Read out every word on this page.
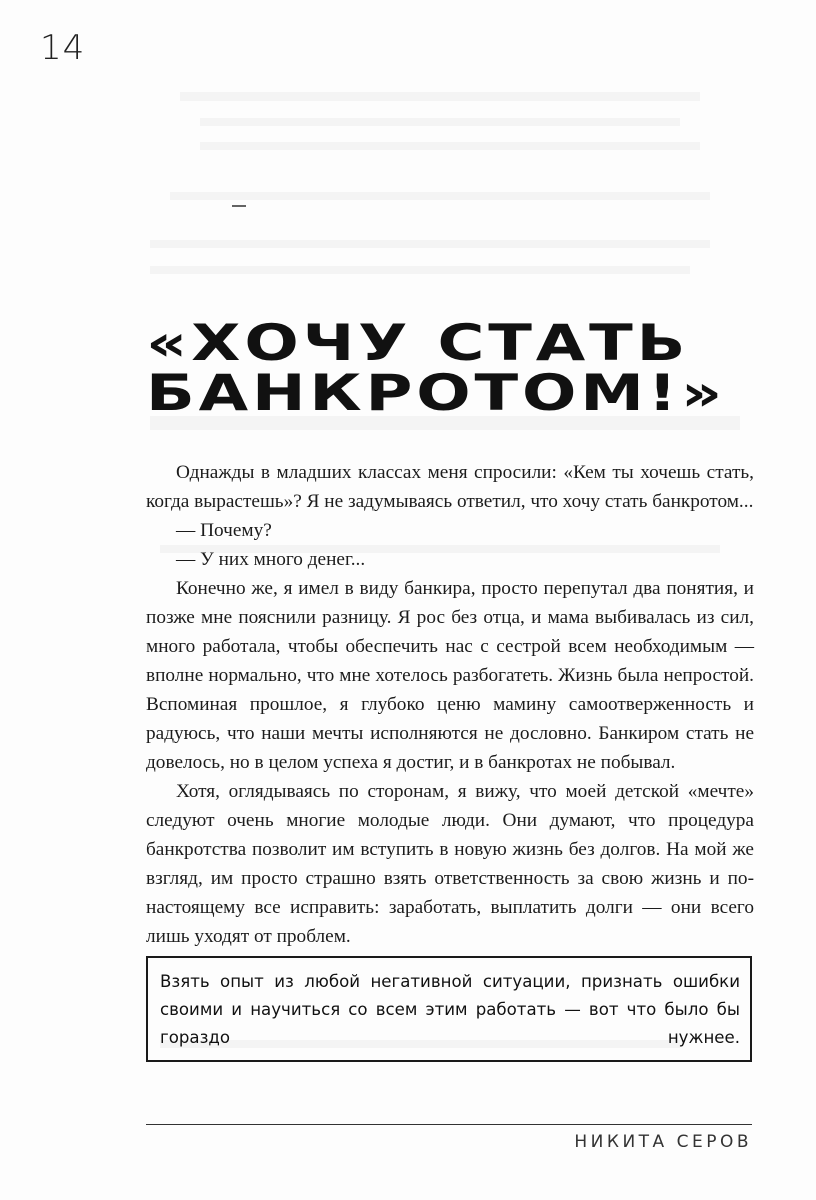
14
«ХОЧУ СТАТЬ
БАНКРОТОМ!»

Однажды в младших классах меня спросили: «Кем ты хочешь стать, когда вырастешь»? Я не задумываясь ответил, что хочу стать банкротом...

— Почему?

— У них много денег...

Конечно же, я имел в виду банкира, просто перепутал два понятия, и позже мне пояснили разницу. Я рос без отца, и мама выбивалась из сил, много работала, чтобы обеспечить нас с сестрой всем необходимым — вполне нормально, что мне хотелось разбогатеть. Жизнь была непростой. Вспоминая прошлое, я глубоко ценю мамину самоотверженность и радуюсь, что наши мечты исполняются не дословно. Банкиром стать не довелось, но в целом успеха я достиг, и в банкротах не побывал.

Хотя, оглядываясь по сторонам, я вижу, что моей детской «мечте» следуют очень многие молодые люди. Они думают, что процедура банкротства позволит им вступить в новую жизнь без долгов. На мой же взгляд, им просто страшно взять ответственность за свою жизнь и по-настоящему все исправить: заработать, выплатить долги — они всего лишь уходят от проблем.

Взять опыт из любой негативной ситуации, признать ошибки своими и научиться со всем этим работать — вот что было бы гораздо нужнее.
НИКИТА СЕРОВ
